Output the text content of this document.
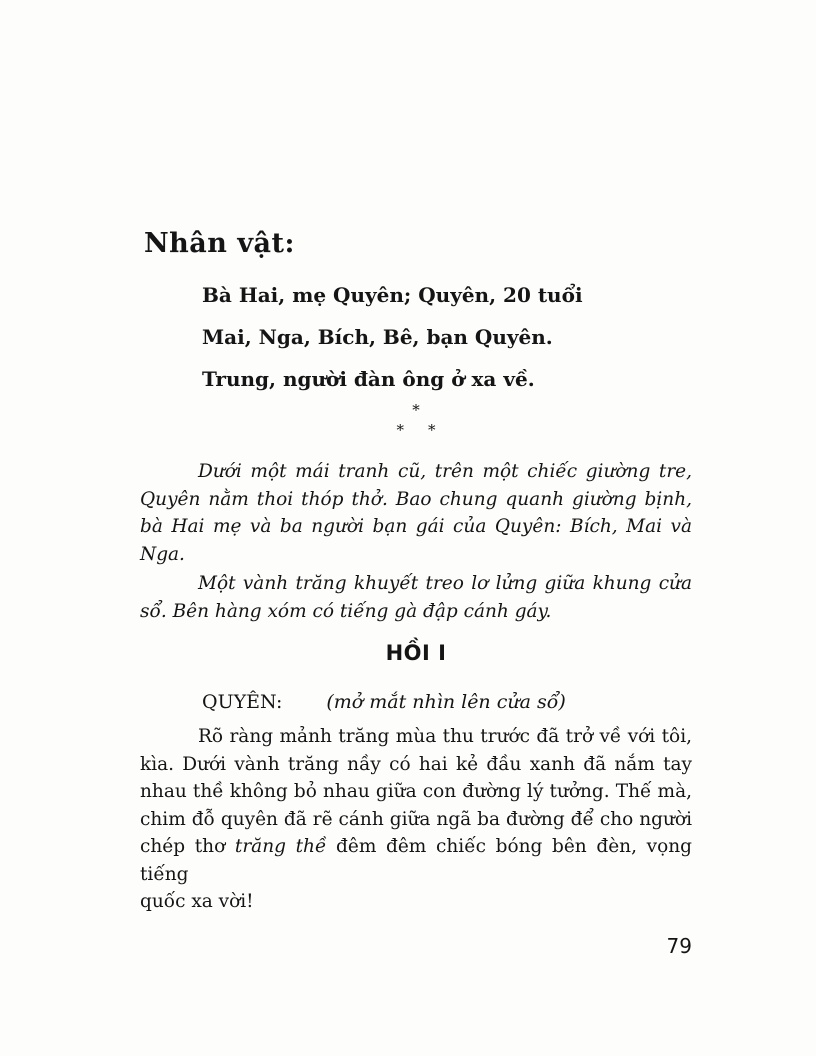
Nhân vật:
Bà Hai, mẹ Quyên; Quyên, 20 tuổi
Mai, Nga, Bích, Bê, bạn Quyên.
Trung, người đàn ông ở xa về.
*
* *
Dưới một mái tranh cũ, trên một chiếc giường tre,
Quyên nằm thoi thóp thở. Bao chung quanh giường bịnh,
bà Hai mẹ và ba người bạn gái của Quyên: Bích, Mai và
Nga.
Một vành trăng khuyết treo lơ lửng giữa khung cửa
sổ. Bên hàng xóm có tiếng gà đập cánh gáy.
HỒI I
QUYÊN: (mở mắt nhìn lên cửa sổ)
Rõ ràng mảnh trăng mùa thu trước đã trở về với tôi,
kìa. Dưới vành trăng nầy có hai kẻ đầu xanh đã nắm tay
nhau thề không bỏ nhau giữa con đường lý tưởng. Thế mà,
chim đỗ quyên đã rẽ cánh giữa ngã ba đường để cho người
chép thơ trăng thề đêm đêm chiếc bóng bên đèn, vọng tiếng
quốc xa vời!
79
